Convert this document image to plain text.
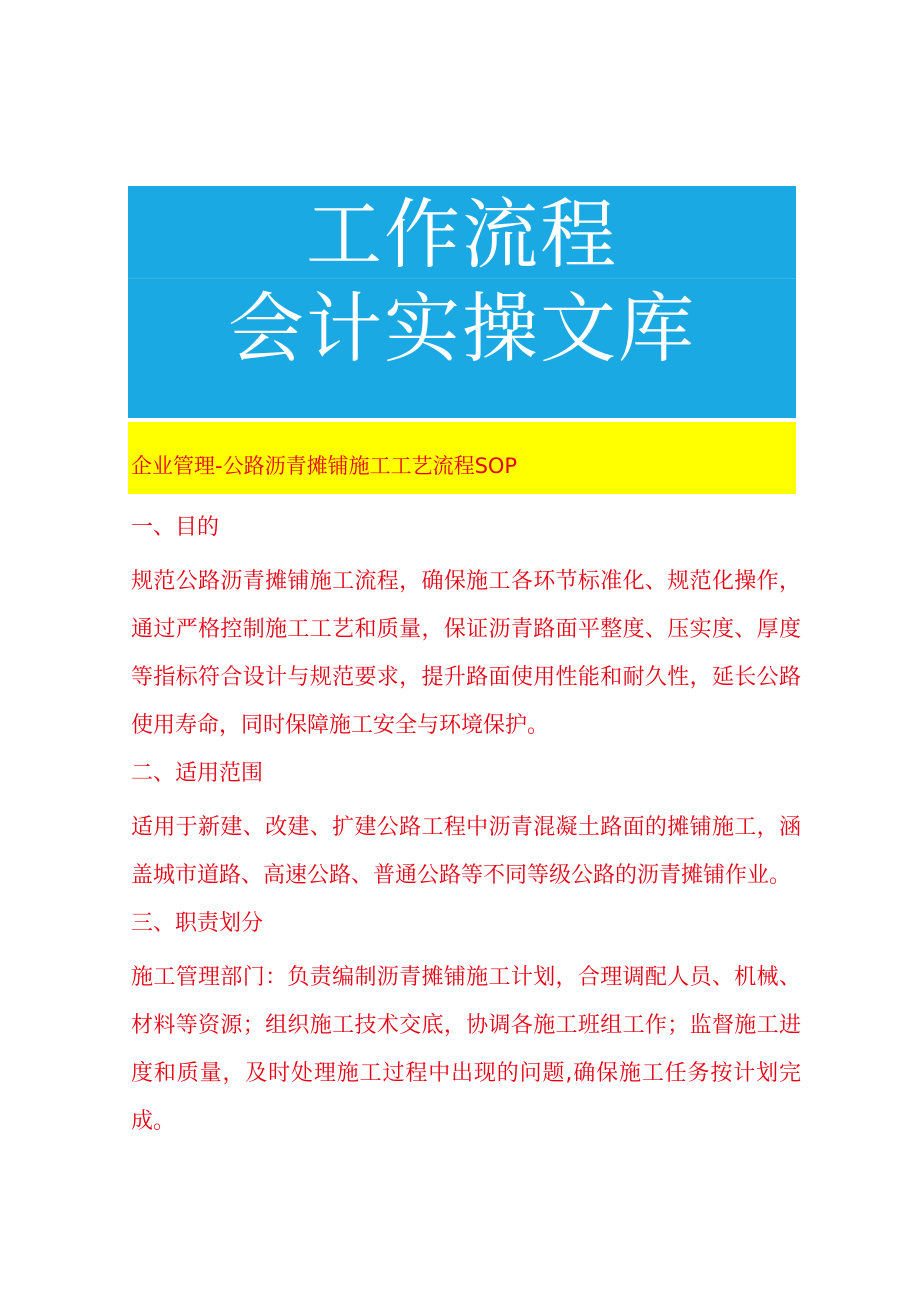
工作流程
会计实操文库
企业管理-公路沥青摊铺施工工艺流程SOP
一、目的

规范公路沥青摊铺施工流程，确保施工各环节标准化、规范化操作，通过严格控制施工工艺和质量，保证沥青路面平整度、压实度、厚度等指标符合设计与规范要求，提升路面使用性能和耐久性，延长公路使用寿命，同时保障施工安全与环境保护。

二、适用范围

适用于新建、改建、扩建公路工程中沥青混凝土路面的摊铺施工，涵盖城市道路、高速公路、普通公路等不同等级公路的沥青摊铺作业。

三、职责划分

施工管理部门：负责编制沥青摊铺施工计划，合理调配人员、机械、材料等资源；组织施工技术交底，协调各施工班组工作；监督施工进度和质量，及时处理施工过程中出现的问题,确保施工任务按计划完成。
